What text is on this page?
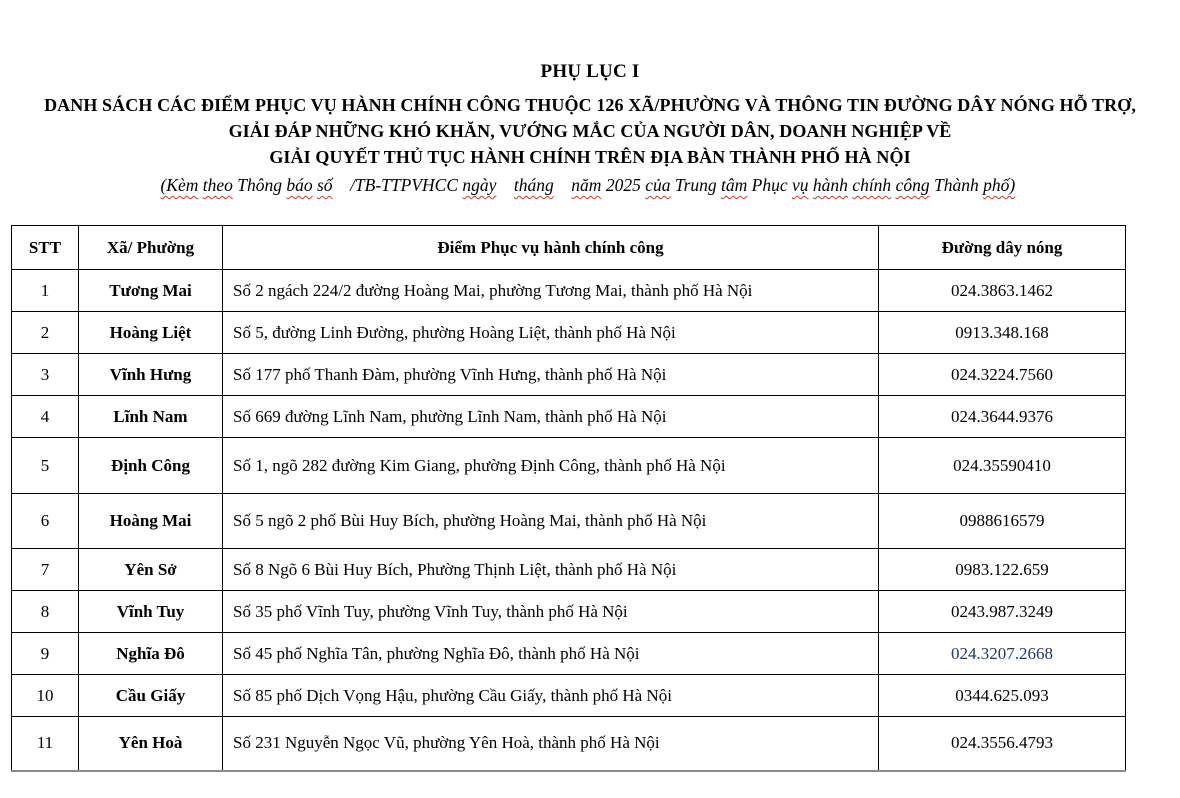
PHỤ LỤC I
DANH SÁCH CÁC ĐIỂM PHỤC VỤ HÀNH CHÍNH CÔNG THUỘC 126 XÃ/PHƯỜNG VÀ THÔNG TIN ĐƯỜNG DÂY NÓNG HỖ TRỢ,
GIẢI ĐÁP NHỮNG KHÓ KHĂN, VƯỚNG MẮC CỦA NGƯỜI DÂN, DOANH NGHIỆP VỀ
GIẢI QUYẾT THỦ TỤC HÀNH CHÍNH TRÊN ĐỊA BÀN THÀNH PHỐ HÀ NỘI
(Kèm theo Thông báo số /TB-TTPVHCC ngày tháng năm 2025 của Trung tâm Phục vụ hành chính công Thành phố)
STT	Xã/ Phường	Điểm Phục vụ hành chính công	Đường dây nóng
1	Tương Mai	Số 2 ngách 224/2 đường Hoàng Mai, phường Tương Mai, thành phố Hà Nội	024.3863.1462
2	Hoàng Liệt	Số 5, đường Linh Đường, phường Hoàng Liệt, thành phố Hà Nội	0913.348.168
3	Vĩnh Hưng	Số 177 phố Thanh Đàm, phường Vĩnh Hưng, thành phố Hà Nội	024.3224.7560
4	Lĩnh Nam	Số 669 đường Lĩnh Nam, phường Lĩnh Nam, thành phố Hà Nội	024.3644.9376
5	Định Công	Số 1, ngõ 282 đường Kim Giang, phường Định Công, thành phố Hà Nội	024.35590410
6	Hoàng Mai	Số 5 ngõ 2 phố Bùi Huy Bích, phường Hoàng Mai, thành phố Hà Nội	0988616579
7	Yên Sở	Số 8 Ngõ 6 Bùi Huy Bích, Phường Thịnh Liệt, thành phố Hà Nội	0983.122.659
8	Vĩnh Tuy	Số 35 phố Vĩnh Tuy, phường Vĩnh Tuy, thành phố Hà Nội	0243.987.3249
9	Nghĩa Đô	Số 45 phố Nghĩa Tân, phường Nghĩa Đô, thành phố Hà Nội	024.3207.2668
10	Cầu Giấy	Số 85 phố Dịch Vọng Hậu, phường Cầu Giấy, thành phố Hà Nội	0344.625.093
11	Yên Hoà	Số 231 Nguyễn Ngọc Vũ, phường Yên Hoà, thành phố Hà Nội	024.3556.4793
